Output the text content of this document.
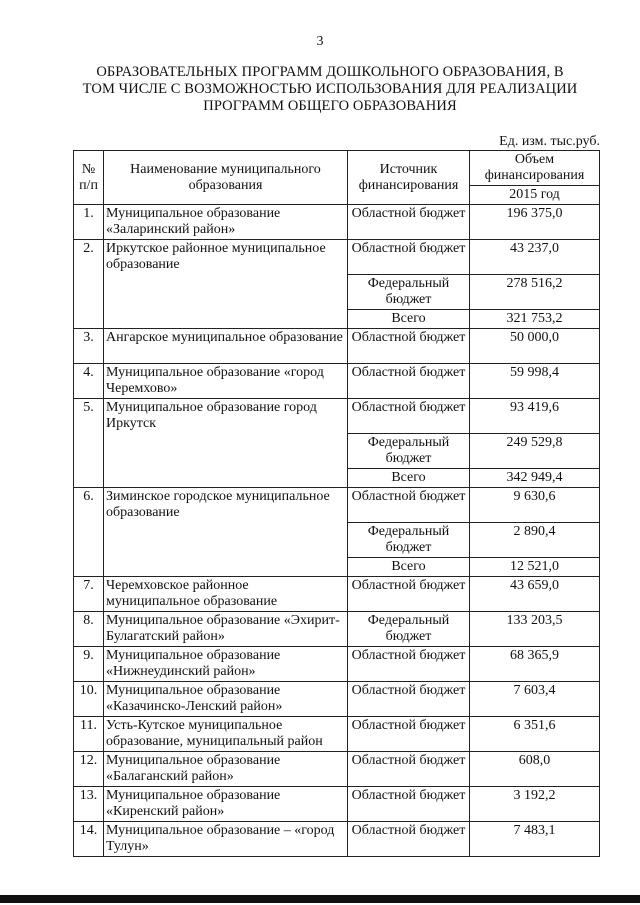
3
ОБРАЗОВАТЕЛЬНЫХ ПРОГРАММ ДОШКОЛЬНОГО ОБРАЗОВАНИЯ, В
ТОМ ЧИСЛЕ С ВОЗМОЖНОСТЬЮ ИСПОЛЬЗОВАНИЯ ДЛЯ РЕАЛИЗАЦИИ
ПРОГРАММ ОБЩЕГО ОБРАЗОВАНИЯ
Ед. изм. тыс.руб.
№ п/п	Наименование муниципального образования	Источник финансирования	Объем финансирования
			2015 год
1.	Муниципальное образование «Заларинский район»	Областной бюджет	196 375,0
2.	Иркутское районное муниципальное образование	Областной бюджет	43 237,0
		Федеральный бюджет	278 516,2
		Всего	321 753,2
3.	Ангарское муниципальное образование	Областной бюджет	50 000,0
4.	Муниципальное образование «город Черемхово»	Областной бюджет	59 998,4
5.	Муниципальное образование город Иркутск	Областной бюджет	93 419,6
		Федеральный бюджет	249 529,8
		Всего	342 949,4
6.	Зиминское городское муниципальное образование	Областной бюджет	9 630,6
		Федеральный бюджет	2 890,4
		Всего	12 521,0
7.	Черемховское районное муниципальное образование	Областной бюджет	43 659,0
8.	Муниципальное образование «Эхирит-Булагатский район»	Федеральный бюджет	133 203,5
9.	Муниципальное образование «Нижнеудинский район»	Областной бюджет	68 365,9
10.	Муниципальное образование «Казачинско-Ленский район»	Областной бюджет	7 603,4
11.	Усть-Кутское муниципальное образование, муниципальный район	Областной бюджет	6 351,6
12.	Муниципальное образование «Балаганский район»	Областной бюджет	608,0
13.	Муниципальное образование «Киренский район»	Областной бюджет	3 192,2
14.	Муниципальное образование – «город Тулун»	Областной бюджет	7 483,1
